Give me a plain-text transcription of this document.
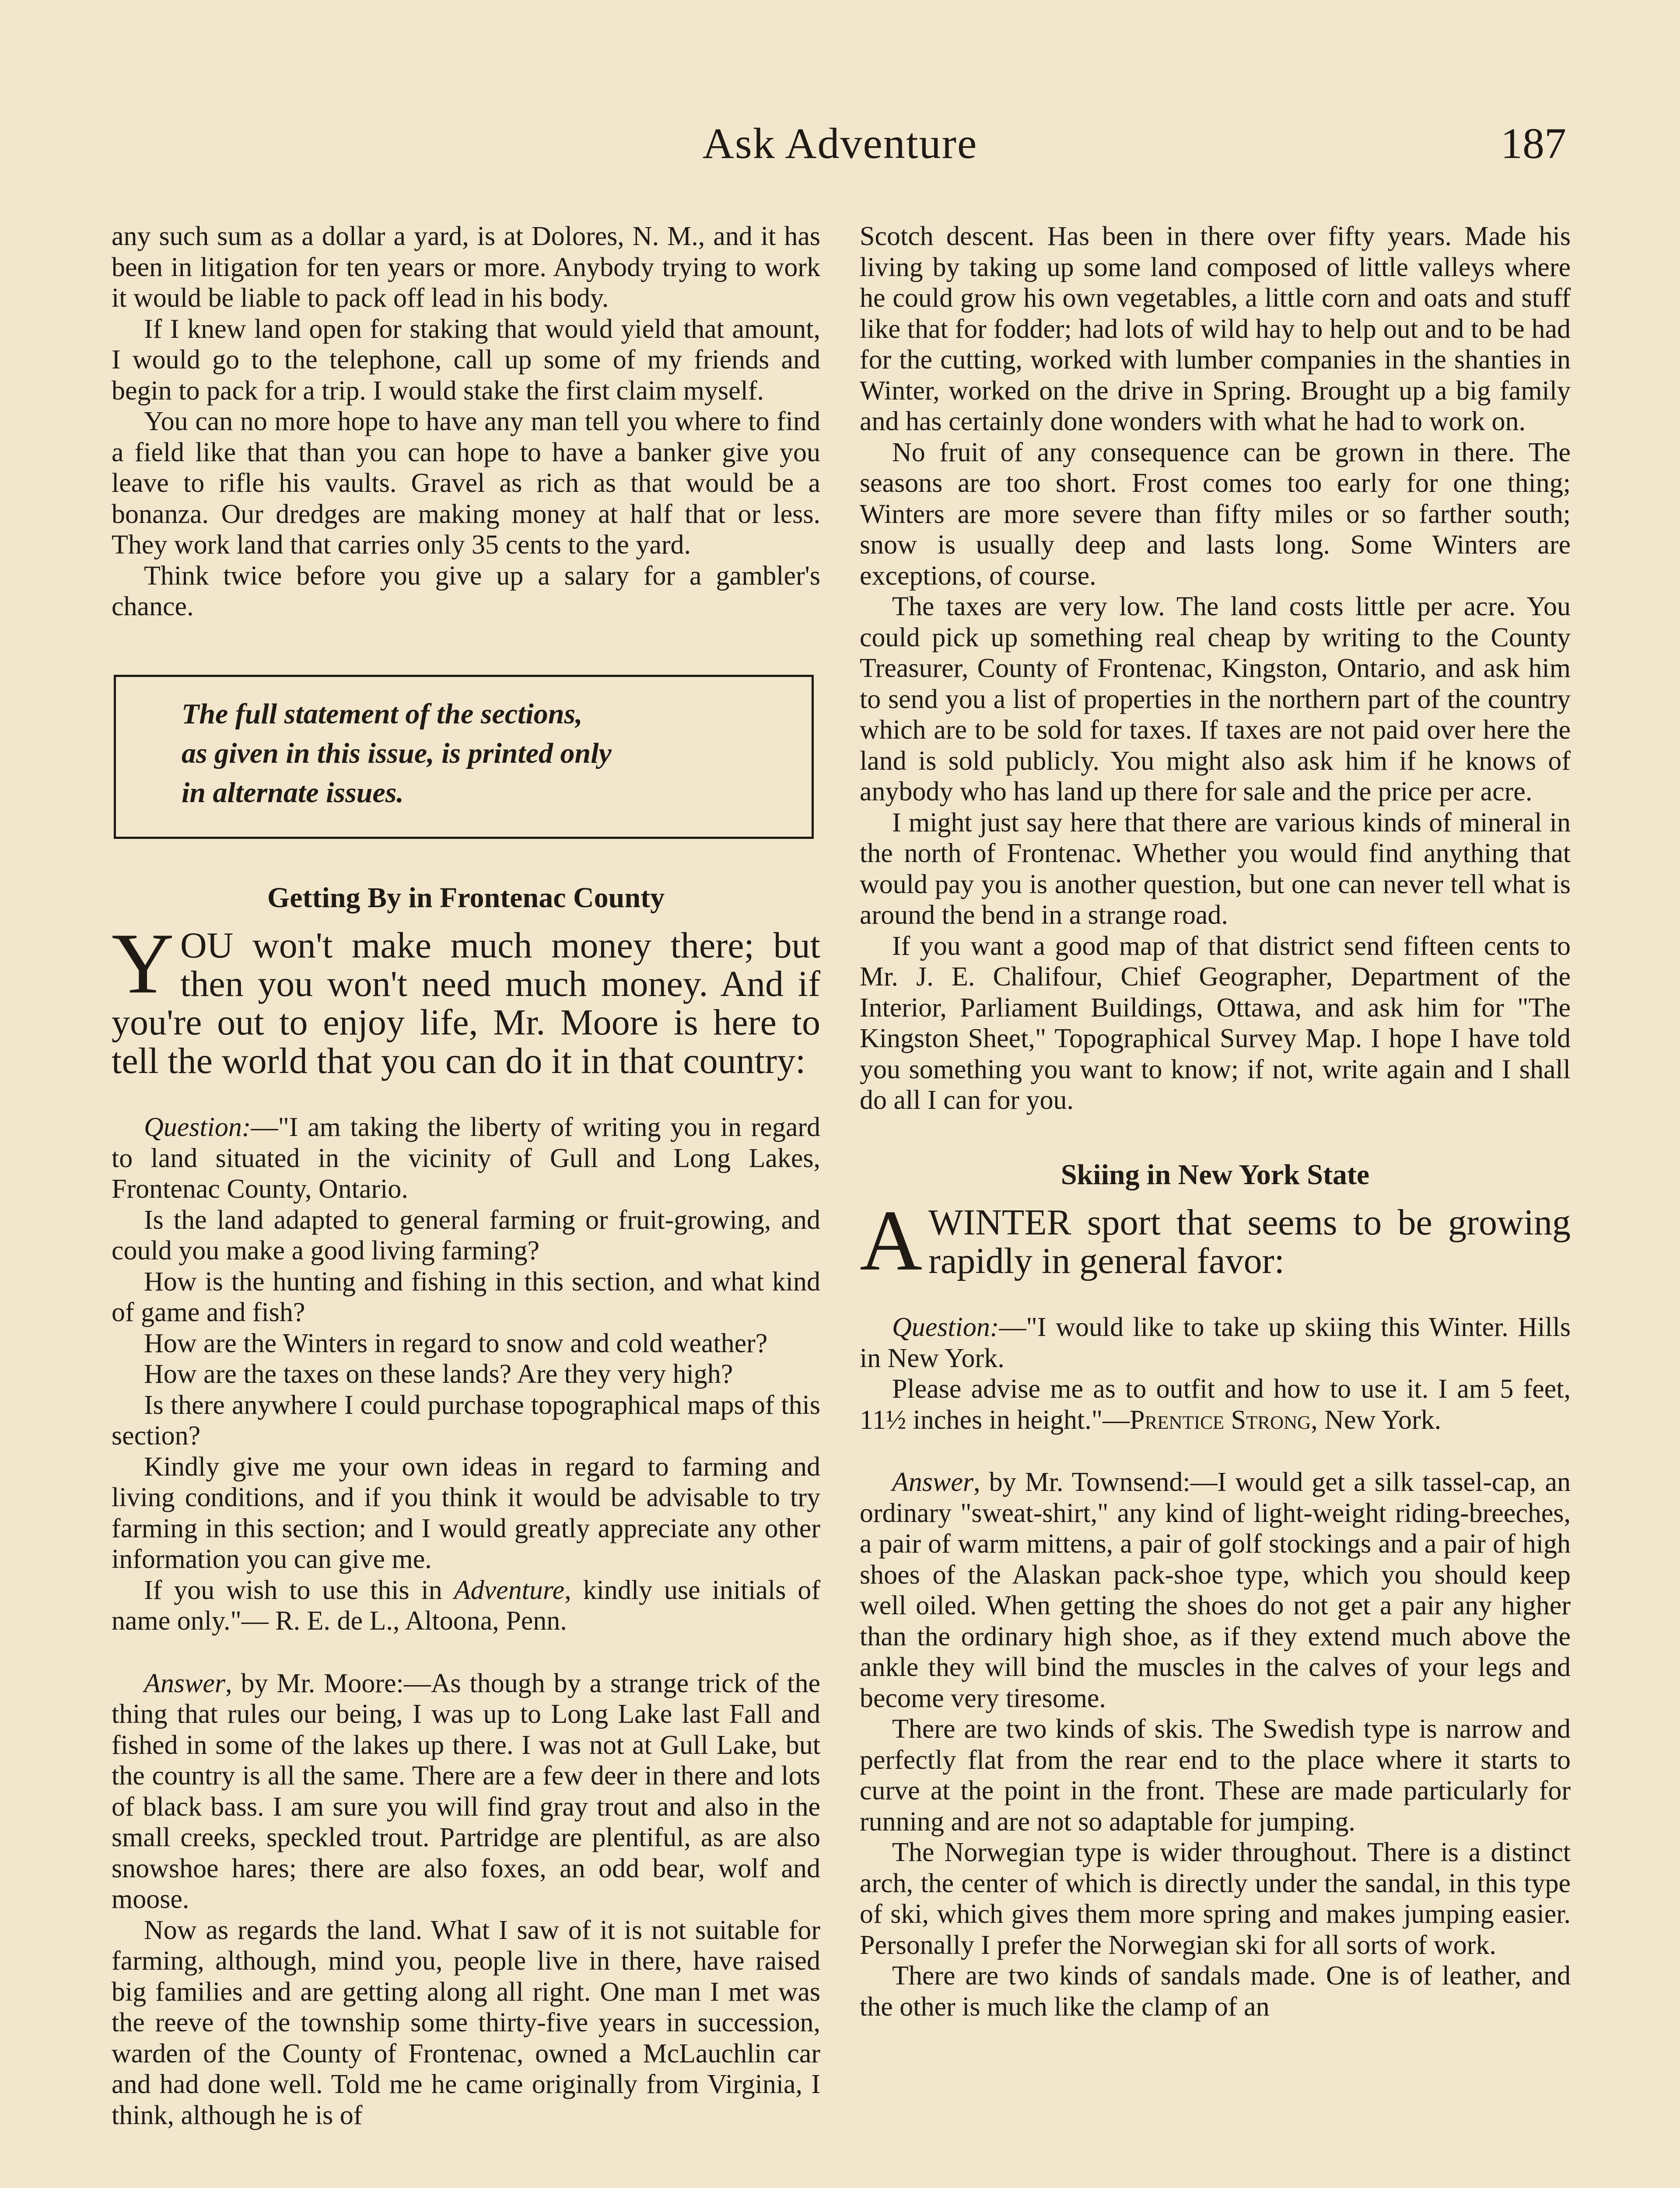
Ask Adventure	187

any such sum as a dollar a yard, is at Dolores, N. M., and it has been in litigation for ten years or more. Anybody trying to work it would be liable to pack off lead in his body.

If I knew land open for staking that would yield that amount, I would go to the telephone, call up some of my friends and begin to pack for a trip. I would stake the first claim myself.

You can no more hope to have any man tell you where to find a field like that than you can hope to have a banker give you leave to rifle his vaults. Gravel as rich as that would be a bonanza. Our dredges are making money at half that or less. They work land that carries only 35 cents to the yard.

Think twice before you give up a salary for a gambler's chance.

The full statement of the sections,
as given in this issue, is printed only
in alternate issues.
Getting By in Frontenac County
YOU won't make much money there; but then you won't need much money. And if you're out to enjoy life, Mr. Moore is here to tell the world that you can do it in that country:

Question:—"I am taking the liberty of writing you in regard to land situated in the vicinity of Gull and Long Lakes, Frontenac County, Ontario.

Is the land adapted to general farming or fruit-growing, and could you make a good living farming?

How is the hunting and fishing in this section, and what kind of game and fish?

How are the Winters in regard to snow and cold weather?

How are the taxes on these lands? Are they very high?

Is there anywhere I could purchase topographical maps of this section?

Kindly give me your own ideas in regard to farming and living conditions, and if you think it would be advisable to try farming in this section; and I would greatly appreciate any other information you can give me.

If you wish to use this in Adventure, kindly use initials of name only."— R. E. de L., Altoona, Penn.

Answer, by Mr. Moore:—As though by a strange trick of the thing that rules our being, I was up to Long Lake last Fall and fished in some of the lakes up there. I was not at Gull Lake, but the country is all the same. There are a few deer in there and lots of black bass. I am sure you will find gray trout and also in the small creeks, speckled trout. Partridge are plentiful, as are also snowshoe hares; there are also foxes, an odd bear, wolf and moose.

Now as regards the land. What I saw of it is not suitable for farming, although, mind you, people live in there, have raised big families and are getting along all right. One man I met was the reeve of the township some thirty-five years in succession, warden of the County of Frontenac, owned a McLauchlin car and had done well. Told me he came originally from Virginia, I think, although he is of

Scotch descent. Has been in there over fifty years. Made his living by taking up some land composed of little valleys where he could grow his own vegetables, a little corn and oats and stuff like that for fodder; had lots of wild hay to help out and to be had for the cutting, worked with lumber companies in the shanties in Winter, worked on the drive in Spring. Brought up a big family and has certainly done wonders with what he had to work on.

No fruit of any consequence can be grown in there. The seasons are too short. Frost comes too early for one thing; Winters are more severe than fifty miles or so farther south; snow is usually deep and lasts long. Some Winters are exceptions, of course.

The taxes are very low. The land costs little per acre. You could pick up something real cheap by writing to the County Treasurer, County of Frontenac, Kingston, Ontario, and ask him to send you a list of properties in the northern part of the country which are to be sold for taxes. If taxes are not paid over here the land is sold publicly. You might also ask him if he knows of anybody who has land up there for sale and the price per acre.

I might just say here that there are various kinds of mineral in the north of Frontenac. Whether you would find anything that would pay you is another question, but one can never tell what is around the bend in a strange road.

If you want a good map of that district send fifteen cents to Mr. J. E. Chalifour, Chief Geographer, Department of the Interior, Parliament Buildings, Ottawa, and ask him for "The Kingston Sheet," Topographical Survey Map. I hope I have told you something you want to know; if not, write again and I shall do all I can for you.

Skiing in New York State
AWINTER sport that seems to be growing rapidly in general favor:

Question:—"I would like to take up skiing this Winter. Hills in New York.

Please advise me as to outfit and how to use it. I am 5 feet, 11½ inches in height."—Prentice Strong, New York.

Answer, by Mr. Townsend:—I would get a silk tassel-cap, an ordinary "sweat-shirt," any kind of light-weight riding-breeches, a pair of warm mittens, a pair of golf stockings and a pair of high shoes of the Alaskan pack-shoe type, which you should keep well oiled. When getting the shoes do not get a pair any higher than the ordinary high shoe, as if they extend much above the ankle they will bind the muscles in the calves of your legs and become very tiresome.

There are two kinds of skis. The Swedish type is narrow and perfectly flat from the rear end to the place where it starts to curve at the point in the front. These are made particularly for running and are not so adaptable for jumping.

The Norwegian type is wider throughout. There is a distinct arch, the center of which is directly under the sandal, in this type of ski, which gives them more spring and makes jumping easier. Personally I prefer the Norwegian ski for all sorts of work.

There are two kinds of sandals made. One is of leather, and the other is much like the clamp of an
